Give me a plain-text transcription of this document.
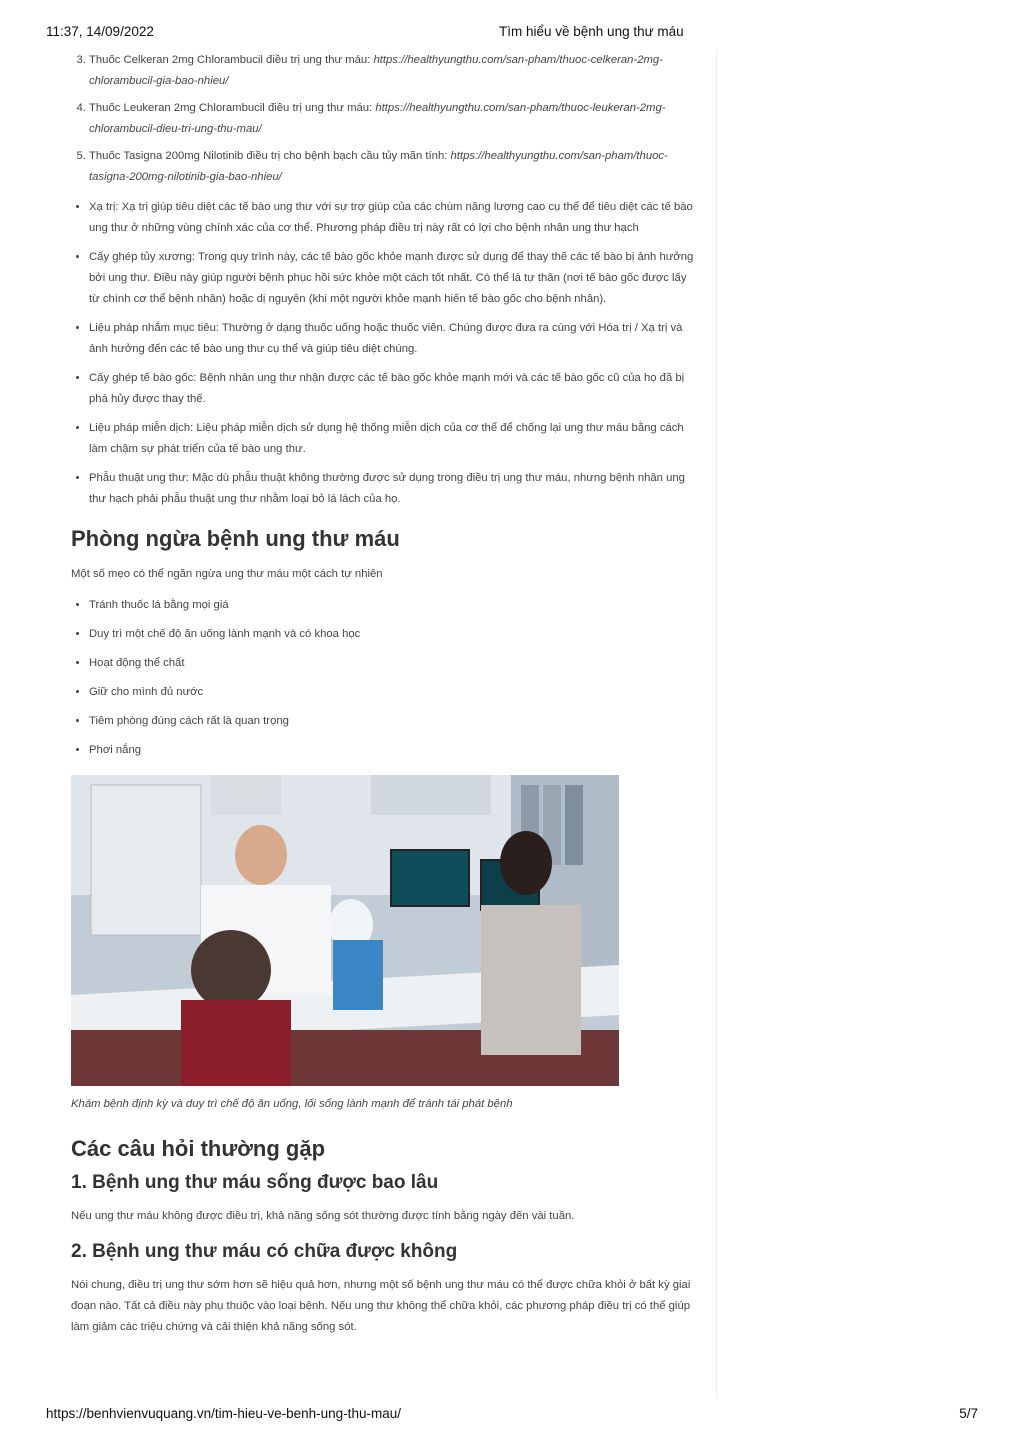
11:37, 14/09/2022	Tìm hiểu về bệnh ung thư máu
3. Thuốc Celkeran 2mg Chlorambucil điều trị ung thư máu: https://healthyungthu.com/san-pham/thuoc-celkeran-2mg-chlorambucil-gia-bao-nhieu/
4. Thuốc Leukeran 2mg Chlorambucil điều trị ung thư máu: https://healthyungthu.com/san-pham/thuoc-leukeran-2mg-chlorambucil-dieu-tri-ung-thu-mau/
5. Thuốc Tasigna 200mg Nilotinib điều trị cho bệnh bạch cầu tủy mãn tính: https://healthyungthu.com/san-pham/thuoc-tasigna-200mg-nilotinib-gia-bao-nhieu/
• Xạ trị: Xạ trị giúp tiêu diệt các tế bào ung thư với sự trợ giúp của các chùm năng lượng cao cụ thể để tiêu diệt các tế bào ung thư ở những vùng chính xác của cơ thể. Phương pháp điều trị này rất có lợi cho bệnh nhân ung thư hạch
• Cấy ghép tủy xương: Trong quy trình này, các tế bào gốc khỏe mạnh được sử dụng để thay thế các tế bào bị ảnh hưởng bởi ung thư. Điều này giúp người bệnh phục hồi sức khỏe một cách tốt nhất. Có thể là tự thân (nơi tế bào gốc được lấy từ chính cơ thể bệnh nhân) hoặc dị nguyên (khi một người khỏe mạnh hiến tế bào gốc cho bệnh nhân).
• Liệu pháp nhắm mục tiêu: Thường ở dạng thuốc uống hoặc thuốc viên. Chúng được đưa ra cùng với Hóa trị / Xạ trị và ảnh hưởng đến các tế bào ung thư cụ thể và giúp tiêu diệt chúng.
• Cấy ghép tế bào gốc: Bệnh nhân ung thư nhận được các tế bào gốc khỏe mạnh mới và các tế bào gốc cũ của họ đã bị phá hủy được thay thế.
• Liệu pháp miễn dịch: Liệu pháp miễn dịch sử dụng hệ thống miễn dịch của cơ thể để chống lại ung thư máu bằng cách làm chậm sự phát triển của tế bào ung thư.
• Phẫu thuật ung thư: Mặc dù phẫu thuật không thường được sử dụng trong điều trị ung thư máu, nhưng bệnh nhân ung thư hạch phải phẫu thuật ung thư nhằm loại bỏ lá lách của họ.
Phòng ngừa bệnh ung thư máu

Một số mẹo có thể ngăn ngừa ung thư máu một cách tự nhiên

• Tránh thuốc lá bằng mọi giá
• Duy trì một chế độ ăn uống lành mạnh và có khoa học
• Hoạt động thể chất
• Giữ cho mình đủ nước
• Tiêm phòng đúng cách rất là quan trọng
• Phơi nắng
Khám bệnh định kỳ và duy trì chế độ ăn uống, lối sống lành mạnh để tránh tái phát bệnh
Các câu hỏi thường gặp
1. Bệnh ung thư máu sống được bao lâu

Nếu ung thư máu không được điều trị, khả năng sống sót thường được tính bằng ngày đến vài tuần.

2. Bệnh ung thư máu có chữa được không

Nói chung, điều trị ung thư sớm hơn sẽ hiệu quả hơn, nhưng một số bệnh ung thư máu có thể được chữa khỏi ở bất kỳ giai đoạn nào. Tất cả điều này phụ thuộc vào loại bệnh. Nếu ung thư không thể chữa khỏi, các phương pháp điều trị có thể giúp làm giảm các triệu chứng và cải thiện khả năng sống sót.

https://benhvienvuquang.vn/tim-hieu-ve-benh-ung-thu-mau/	5/7
